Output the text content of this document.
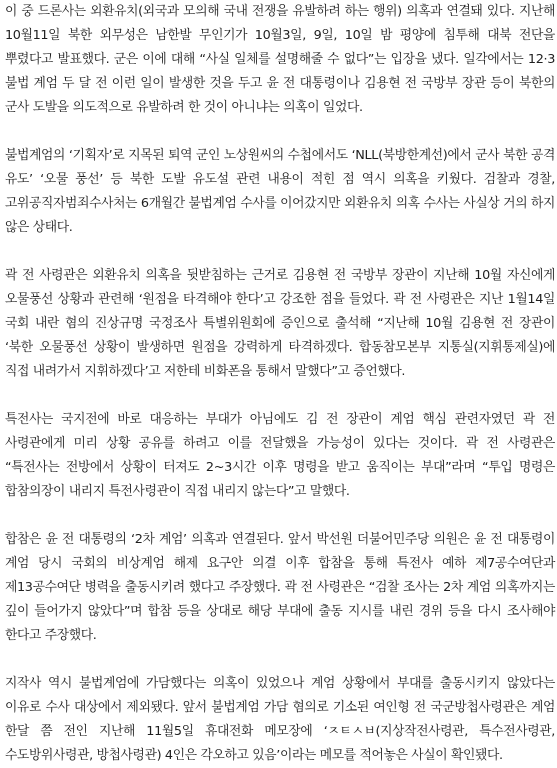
이 중 드론사는 외환유치(외국과 모의해 국내 전쟁을 유발하려 하는 행위) 의혹과 연결돼 있다. 지난해 10월11일 북한 외무성은 남한발 무인기가 10월3일, 9일, 10일 밤 평양에 침투해 대북 전단을 뿌렸다고 발표했다. 군은 이에 대해 “사실 일체를 설명해줄 수 없다”는 입장을 냈다. 일각에서는 12·3 불법 계엄 두 달 전 이런 일이 발생한 것을 두고 윤 전 대통령이나 김용현 전 국방부 장관 등이 북한의 군사 도발을 의도적으로 유발하려 한 것이 아니냐는 의혹이 일었다.

불법계엄의 ‘기획자’로 지목된 퇴역 군인 노상원씨의 수첩에서도 ‘NLL(북방한계선)에서 군사 북한 공격 유도’ ‘오물 풍선’ 등 북한 도발 유도설 관련 내용이 적힌 점 역시 의혹을 키웠다. 검찰과 경찰, 고위공직자범죄수사처는 6개월간 불법계엄 수사를 이어갔지만 외환유치 의혹 수사는 사실상 거의 하지 않은 상태다.

곽 전 사령관은 외환유치 의혹을 뒷받침하는 근거로 김용현 전 국방부 장관이 지난해 10월 자신에게 오물풍선 상황과 관련해 ‘원점을 타격해야 한다’고 강조한 점을 들었다. 곽 전 사령관은 지난 1월14일 국회 내란 혐의 진상규명 국정조사 특별위원회에 증인으로 출석해 “지난해 10월 김용현 전 장관이 ‘북한 오물풍선 상황이 발생하면 원점을 강력하게 타격하겠다. 합동참모본부 지통실(지휘통제실)에 직접 내려가서 지휘하겠다’고 저한테 비화폰을 통해서 말했다”고 증언했다.

특전사는 국지전에 바로 대응하는 부대가 아님에도 김 전 장관이 계엄 핵심 관련자였던 곽 전 사령관에게 미리 상황 공유를 하려고 이를 전달했을 가능성이 있다는 것이다. 곽 전 사령관은 “특전사는 전방에서 상황이 터져도 2~3시간 이후 명령을 받고 움직이는 부대”라며 “투입 명령은 합참의장이 내리지 특전사령관이 직접 내리지 않는다”고 말했다.

합참은 윤 전 대통령의 ‘2차 계엄’ 의혹과 연결된다. 앞서 박선원 더불어민주당 의원은 윤 전 대통령이 계엄 당시 국회의 비상계엄 해제 요구안 의결 이후 합참을 통해 특전사 예하 제7공수여단과 제13공수여단 병력을 출동시키려 했다고 주장했다. 곽 전 사령관은 “검찰 조사는 2차 계엄 의혹까지는 깊이 들어가지 않았다”며 합참 등을 상대로 해당 부대에 출동 지시를 내린 경위 등을 다시 조사해야 한다고 주장했다.

지작사 역시 불법계엄에 가담했다는 의혹이 있었으나 계엄 상황에서 부대를 출동시키지 않았다는 이유로 수사 대상에서 제외됐다. 앞서 불법계엄 가담 혐의로 기소된 여인형 전 국군방첩사령관은 계엄 한달 쯤 전인 지난해 11월5일 휴대전화 메모장에 ‘ㅈㅌㅅㅂ(지상작전사령관, 특수전사령관, 수도방위사령관, 방첩사령관) 4인은 각오하고 있음’이라는 메모를 적어놓은 사실이 확인됐다.
